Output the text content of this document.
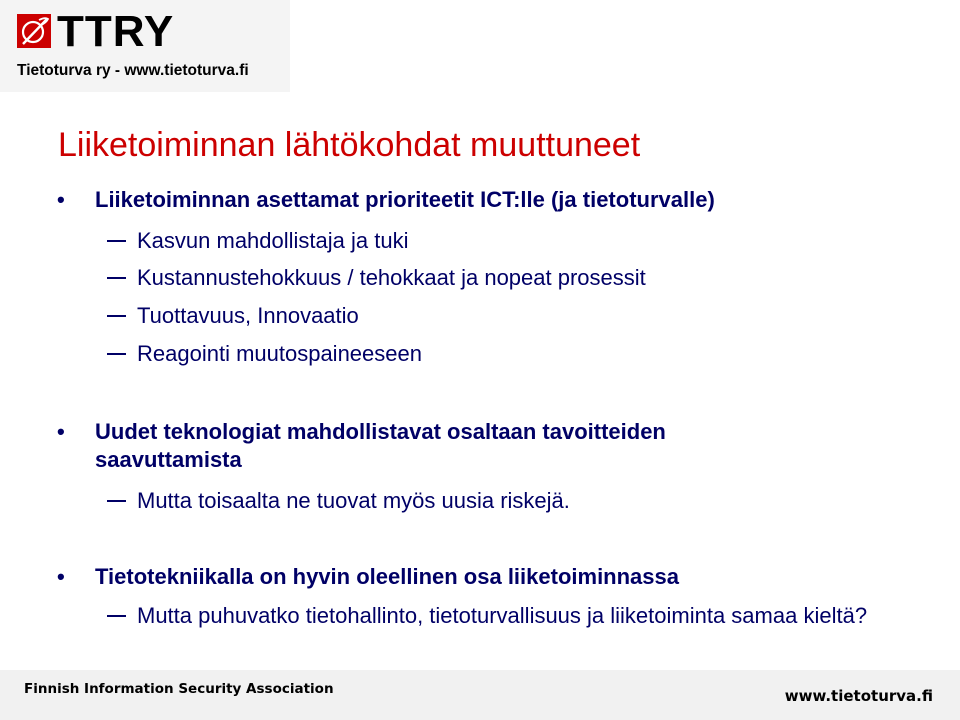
TTRY
Tietoturva ry - www.tietoturva.fi
Liiketoiminnan lähtökohdat muuttuneet
• Liiketoiminnan asettamat prioriteetit ICT:lle (ja tietoturvalle)
Kasvun mahdollistaja ja tuki
Kustannustehokkuus / tehokkaat ja nopeat prosessit
Tuottavuus, Innovaatio
Reagointi muutospaineeseen
• Uudet teknologiat mahdollistavat osaltaan tavoitteiden saavuttamista
Mutta toisaalta ne tuovat myös uusia riskejä.
• Tietotekniikalla on hyvin oleellinen osa liiketoiminnassa
Mutta puhuvatko tietohallinto, tietoturvallisuus ja liiketoiminta samaa kieltä?
Finnish Information Security Association	www.tietoturva.fi
